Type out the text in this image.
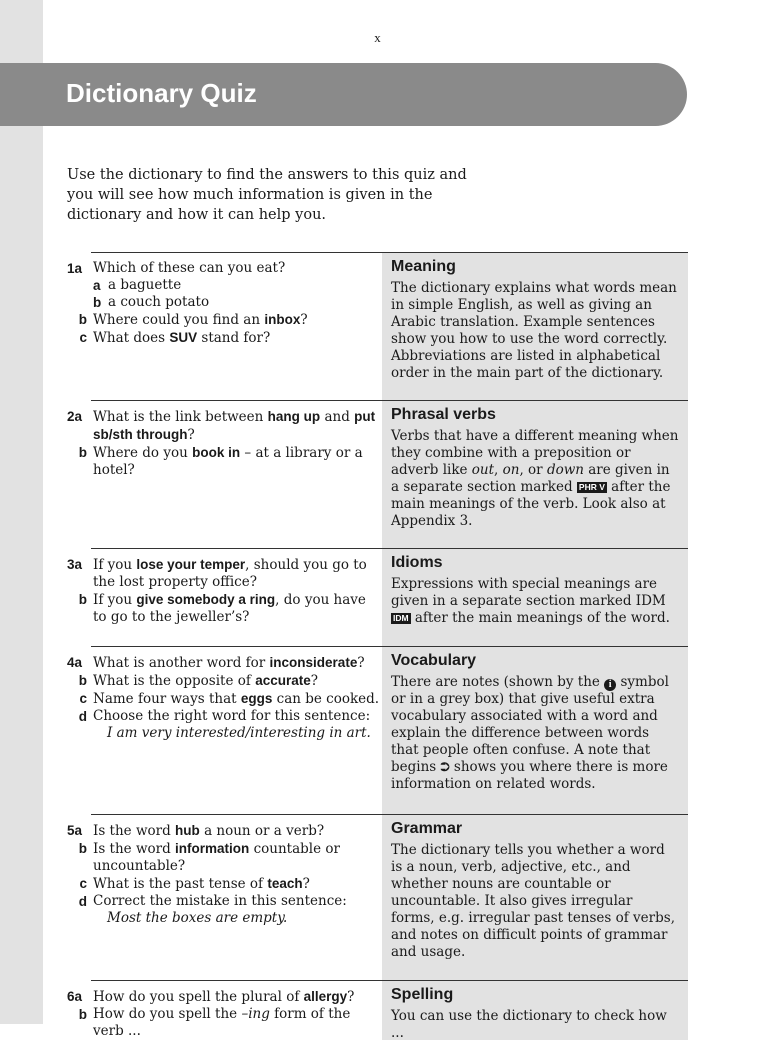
x
Dictionary Quiz

Use the dictionary to find the answers to this quiz and you will see how much information is given in the dictionary and how it can help you.

1a Which of these can you eat?
a a baguette
b a couch potato
b Where could you find an inbox?
c What does SUV stand for?
Meaning

The dictionary explains what words mean in simple English, as well as giving an Arabic translation. Example sentences show you how to use the word correctly. Abbreviations are listed in alphabetical order in the main part of the dictionary.

2a What is the link between hang up and put sb/sth through?
b Where do you book in – at a library or a hotel?
Phrasal verbs

Verbs that have a different meaning when they combine with a preposition or adverb like out, on, or down are given in a separate section marked PHR V after the main meanings of the verb. Look also at Appendix 3.

3a If you lose your temper, should you go to the lost property office?
b If you give somebody a ring, do you have to go to the jeweller’s?
Idioms

Expressions with special meanings are given in a separate section marked IDM IDM after the main meanings of the word.

4a What is another word for inconsiderate?
b What is the opposite of accurate?
c Name four ways that eggs can be cooked.
d Choose the right word for this sentence:
I am very interested/interesting in art.
Vocabulary

There are notes (shown by the i symbol or in a grey box) that give useful extra vocabulary associated with a word and explain the difference between words that people often confuse. A note that begins ⮊ shows you where there is more information on related words.

5a Is the word hub a noun or a verb?
b Is the word information countable or uncountable?
c What is the past tense of teach?
d Correct the mistake in this sentence:
Most the boxes are empty.
Grammar

The dictionary tells you whether a word is a noun, verb, adjective, etc., and whether nouns are countable or uncountable. It also gives irregular forms, e.g. irregular past tenses of verbs, and notes on difficult points of grammar and usage.

6a How do you spell the plural of allergy?
b How do you spell the –ing form of the verb ...
Spelling

You can use the dictionary to check how ...
